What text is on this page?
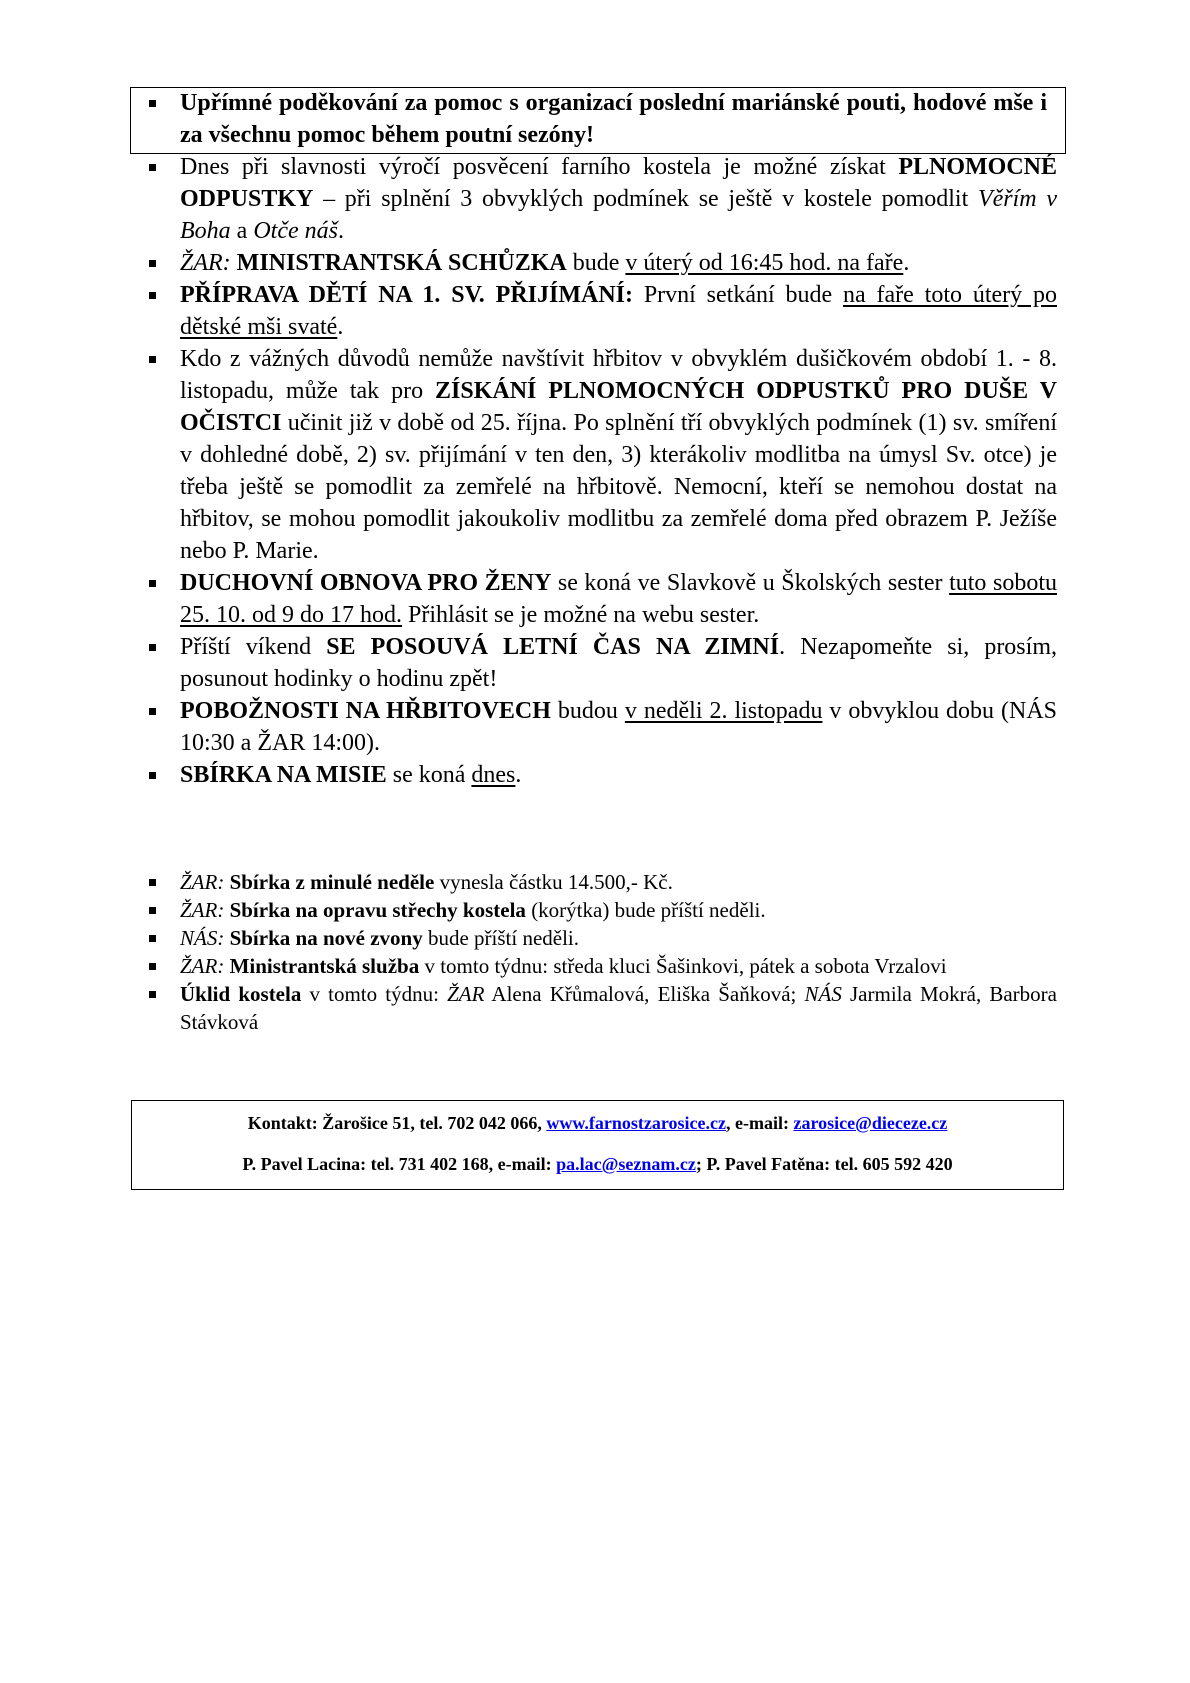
Upřímné poděkování za pomoc s organizací poslední mariánské pouti, hodové mše i za všechnu pomoc během poutní sezóny!
Dnes při slavnosti výročí posvěcení farního kostela je možné získat PLNOMOCNÉ ODPUSTKY – při splnění 3 obvyklých podmínek se ještě v kostele pomodlit Věřím v Boha a Otče náš.
ŽAR: MINISTRANTSKÁ SCHŮZKA bude v úterý od 16:45 hod. na faře.
PŘÍPRAVA DĚTÍ NA 1. SV. PŘIJÍMÁNÍ: První setkání bude na faře toto úterý po dětské mši svaté.
Kdo z vážných důvodů nemůže navštívit hřbitov v obvyklém dušičkovém období 1. - 8. listopadu, může tak pro ZÍSKÁNÍ PLNOMOCNÝCH ODPUSTKŮ PRO DUŠE V OČISTCI učinit již v době od 25. října. Po splnění tří obvyklých podmínek (1) sv. smíření v dohledné době, 2) sv. přijímání v ten den, 3) kterákoliv modlitba na úmysl Sv. otce) je třeba ještě se pomodlit za zemřelé na hřbitově. Nemocní, kteří se nemohou dostat na hřbitov, se mohou pomodlit jakoukoliv modlitbu za zemřelé doma před obrazem P. Ježíše nebo P. Marie.
DUCHOVNÍ OBNOVA PRO ŽENY se koná ve Slavkově u Školských sester tuto sobotu 25. 10. od 9 do 17 hod. Přihlásit se je možné na webu sester.
Příští víkend SE POSOUVÁ LETNÍ ČAS NA ZIMNÍ. Nezapomeňte si, prosím, posunout hodinky o hodinu zpět!
POBOŽNOSTI NA HŘBITOVECH budou v neděli 2. listopadu v obvyklou dobu (NÁS 10:30 a ŽAR 14:00).
SBÍRKA NA MISIE se koná dnes.
ŽAR: Sbírka z minulé neděle vynesla částku 14.500,- Kč.
ŽAR: Sbírka na opravu střechy kostela (korýtka) bude příští neděli.
NÁS: Sbírka na nové zvony bude příští neděli.
ŽAR: Ministrantská služba v tomto týdnu: středa kluci Šašinkovi, pátek a sobota Vrzalovi
Úklid kostela v tomto týdnu: ŽAR Alena Křůmalová, Eliška Šaňková; NÁS Jarmila Mokrá, Barbora Stávková
Kontakt: Žarošice 51, tel. 702 042 066, www.farnostzarosice.cz, e-mail: zarosice@dieceze.cz
P. Pavel Lacina: tel. 731 402 168, e-mail: pa.lac@seznam.cz; P. Pavel Fatěna: tel. 605 592 420
